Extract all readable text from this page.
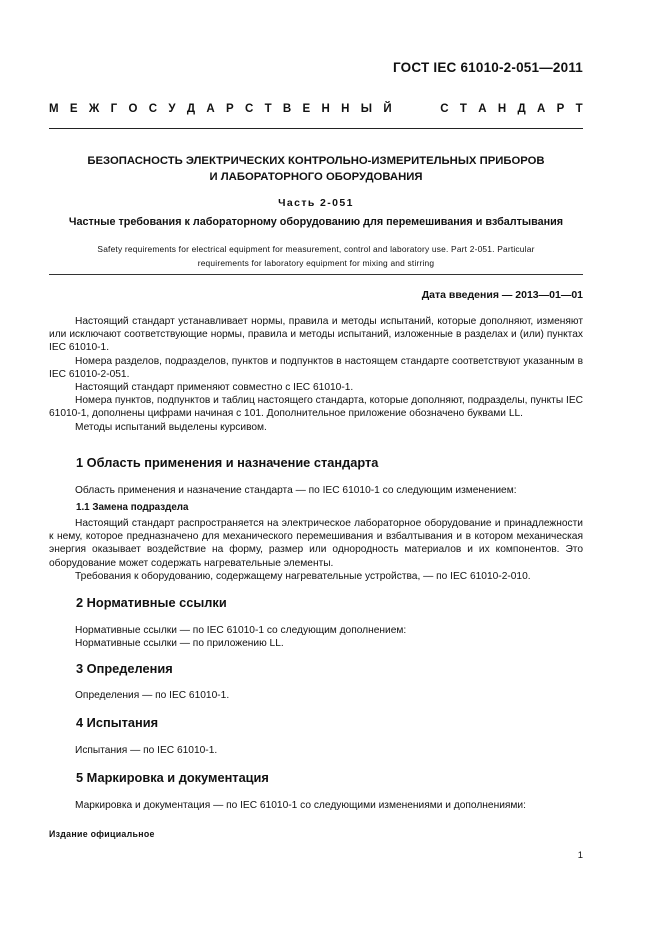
ГОСТ IEC 61010-2-051—2011
М Е Ж Г О С У Д А Р С Т В Е Н Н Ы Й	С Т А Н Д А Р Т
БЕЗОПАСНОСТЬ ЭЛЕКТРИЧЕСКИХ КОНТРОЛЬНО-ИЗМЕРИТЕЛЬНЫХ ПРИБОРОВ
И ЛАБОРАТОРНОГО ОБОРУДОВАНИЯ
Часть 2-051
Частные требования к лабораторному оборудованию для перемешивания и взбалтывания
Safety requirements for electrical equipment for measurement, control and laboratory use. Part 2-051. Particular
requirements for laboratory equipment for mixing and stirring
Дата введения — 2013—01—01

Настоящий стандарт устанавливает нормы, правила и методы испытаний, которые дополняют, изменяют или исключают соответствующие нормы, правила и методы испытаний, изложенные в разделах и (или) пунктах IEC 61010-1.

Номера разделов, подразделов, пунктов и подпунктов в настоящем стандарте соответствуют указанным в IEC 61010-2-051.

Настоящий стандарт применяют совместно с IEC 61010-1.

Номера пунктов, подпунктов и таблиц настоящего стандарта, которые дополняют, подразделы, пункты IEC 61010-1, дополнены цифрами начиная с 101. Дополнительное приложение обозначено буквами LL.

Методы испытаний выделены курсивом.

1 Область применения и назначение стандарта

Область применения и назначение стандарта — по IEC 61010-1 со следующим изменением:

1.1 Замена подраздела

Настоящий стандарт распространяется на электрическое лабораторное оборудование и принадлежности к нему, которое предназначено для механического перемешивания и взбалтывания и в котором механическая энергия оказывает воздействие на форму, размер или однородность материалов и их компонентов. Это оборудование может содержать нагревательные элементы.

Требования к оборудованию, содержащему нагревательные устройства, — по IEC 61010-2-010.

2 Нормативные ссылки

Нормативные ссылки — по IEC 61010-1 со следующим дополнением:

Нормативные ссылки — по приложению LL.

3 Определения

Определения — по IEC 61010-1.

4 Испытания

Испытания — по IEC 61010-1.

5 Маркировка и документация

Маркировка и документация — по IEC 61010-1 со следующими изменениями и дополнениями:

Издание официальное
1
